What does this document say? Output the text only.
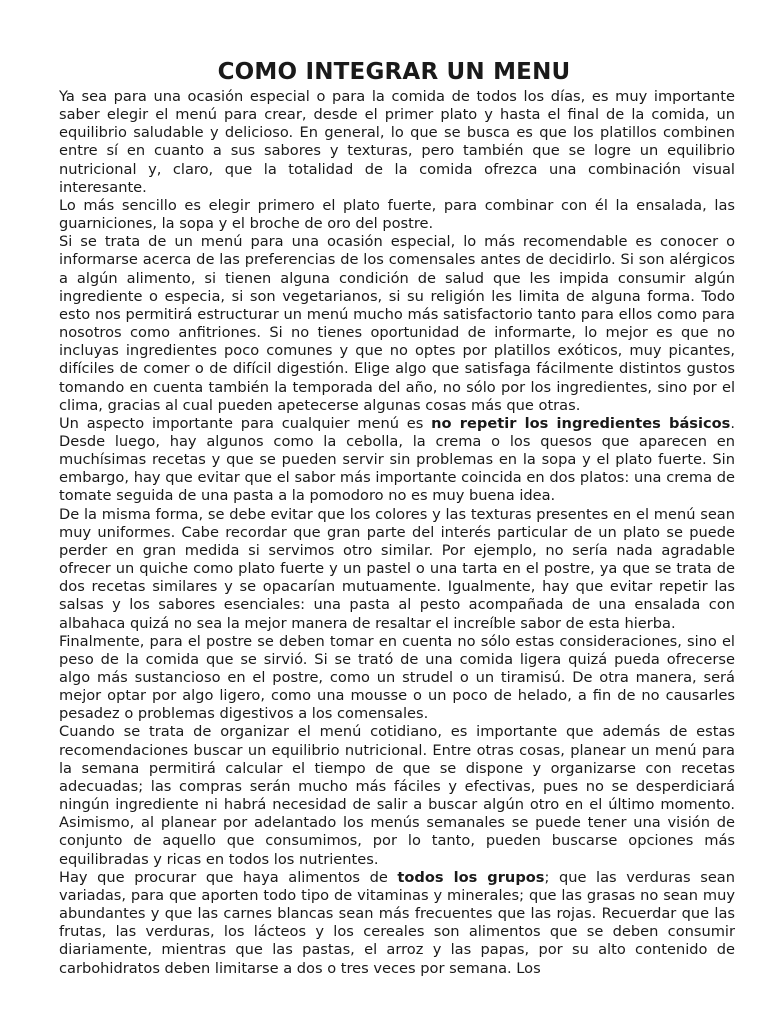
COMO INTEGRAR UN MENU

Ya sea para una ocasión especial o para la comida de todos los días, es muy importante saber elegir el menú para crear, desde el primer plato y hasta el final de la comida, un equilibrio saludable y delicioso. En general, lo que se busca es que los platillos combinen entre sí en cuanto a sus sabores y texturas, pero también que se logre un equilibrio nutricional y, claro, que la totalidad de la comida ofrezca una combinación visual interesante.

Lo más sencillo es elegir primero el plato fuerte, para combinar con él la ensalada, las guarniciones, la sopa y el broche de oro del postre.

Si se trata de un menú para una ocasión especial, lo más recomendable es conocer o informarse acerca de las preferencias de los comensales antes de decidirlo. Si son alérgicos a algún alimento, si tienen alguna condición de salud que les impida consumir algún ingrediente o especia, si son vegetarianos, si su religión les limita de alguna forma. Todo esto nos permitirá estructurar un menú mucho más satisfactorio tanto para ellos como para nosotros como anfitriones. Si no tienes oportunidad de informarte, lo mejor es que no incluyas ingredientes poco comunes y que no optes por platillos exóticos, muy picantes, difíciles de comer o de difícil digestión. Elige algo que satisfaga fácilmente distintos gustos tomando en cuenta también la temporada del año, no sólo por los ingredientes, sino por el clima, gracias al cual pueden apetecerse algunas cosas más que otras.

Un aspecto importante para cualquier menú es no repetir los ingredientes básicos. Desde luego, hay algunos como la cebolla, la crema o los quesos que aparecen en muchísimas recetas y que se pueden servir sin problemas en la sopa y el plato fuerte. Sin embargo, hay que evitar que el sabor más importante coincida en dos platos: una crema de tomate seguida de una pasta a la pomodoro no es muy buena idea.

De la misma forma, se debe evitar que los colores y las texturas presentes en el menú sean muy uniformes. Cabe recordar que gran parte del interés particular de un plato se puede perder en gran medida si servimos otro similar. Por ejemplo, no sería nada agradable ofrecer un quiche como plato fuerte y un pastel o una tarta en el postre, ya que se trata de dos recetas similares y se opacarían mutuamente. Igualmente, hay que evitar repetir las salsas y los sabores esenciales: una pasta al pesto acompañada de una ensalada con albahaca quizá no sea la mejor manera de resaltar el increíble sabor de esta hierba.

Finalmente, para el postre se deben tomar en cuenta no sólo estas consideraciones, sino el peso de la comida que se sirvió. Si se trató de una comida ligera quizá pueda ofrecerse algo más sustancioso en el postre, como un strudel o un tiramisú. De otra manera, será mejor optar por algo ligero, como una mousse o un poco de helado, a fin de no causarles pesadez o problemas digestivos a los comensales.

Cuando se trata de organizar el menú cotidiano, es importante que además de estas recomendaciones buscar un equilibrio nutricional. Entre otras cosas, planear un menú para la semana permitirá calcular el tiempo de que se dispone y organizarse con recetas adecuadas; las compras serán mucho más fáciles y efectivas, pues no se desperdiciará ningún ingrediente ni habrá necesidad de salir a buscar algún otro en el último momento. Asimismo, al planear por adelantado los menús semanales se puede tener una visión de conjunto de aquello que consumimos, por lo tanto, pueden buscarse opciones más equilibradas y ricas en todos los nutrientes.

Hay que procurar que haya alimentos de todos los grupos; que las verduras sean variadas, para que aporten todo tipo de vitaminas y minerales; que las grasas no sean muy abundantes y que las carnes blancas sean más frecuentes que las rojas. Recuerdar que las frutas, las verduras, los lácteos y los cereales son alimentos que se deben consumir diariamente, mientras que las pastas, el arroz y las papas, por su alto contenido de carbohidratos deben limitarse a dos o tres veces por semana. Los
